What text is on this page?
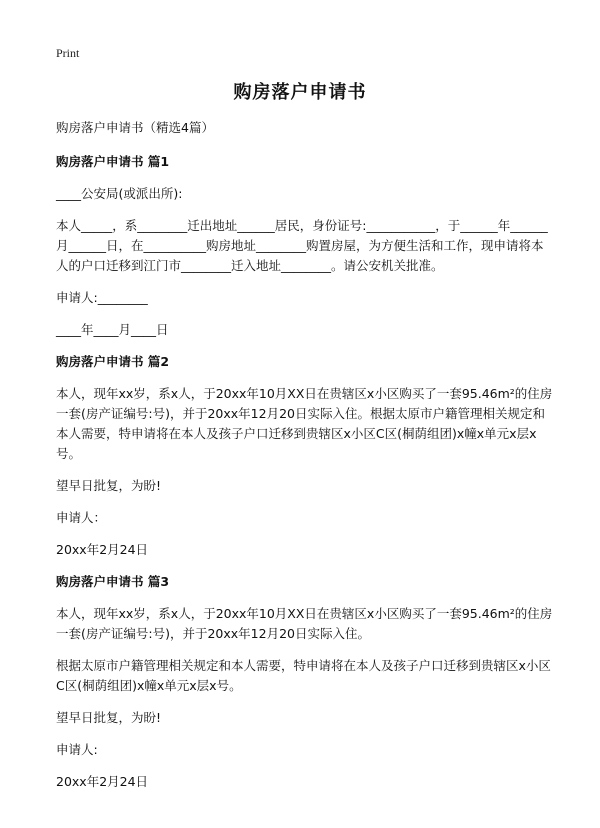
Print
购房落户申请书

购房落户申请书（精选4篇）

购房落户申请书 篇1

____公安局(或派出所):

本人_____，系________迁出地址______居民，身份证号:___________，于______年______月______日，在__________购房地址________购置房屋，为方便生活和工作，现申请将本人的户口迁移到江门市________迁入地址________。请公安机关批准。

申请人:________

____年____月____日

购房落户申请书 篇2

本人，现年xx岁，系x人，于20xx年10月XX日在贵辖区x小区购买了一套95.46m²的住房一套(房产证编号:号)，并于20xx年12月20日实际入住。根据太原市户籍管理相关规定和本人需要，特申请将在本人及孩子户口迁移到贵辖区x小区C区(桐荫组团)x幢x单元x层x号。

望早日批复，为盼!

申请人：

20xx年2月24日

购房落户申请书 篇3

本人，现年xx岁，系x人，于20xx年10月XX日在贵辖区x小区购买了一套95.46m²的住房一套(房产证编号:号)，并于20xx年12月20日实际入住。

根据太原市户籍管理相关规定和本人需要，特申请将在本人及孩子户口迁移到贵辖区x小区C区(桐荫组团)x幢x单元x层x号。

望早日批复，为盼!

申请人:

20xx年2月24日
